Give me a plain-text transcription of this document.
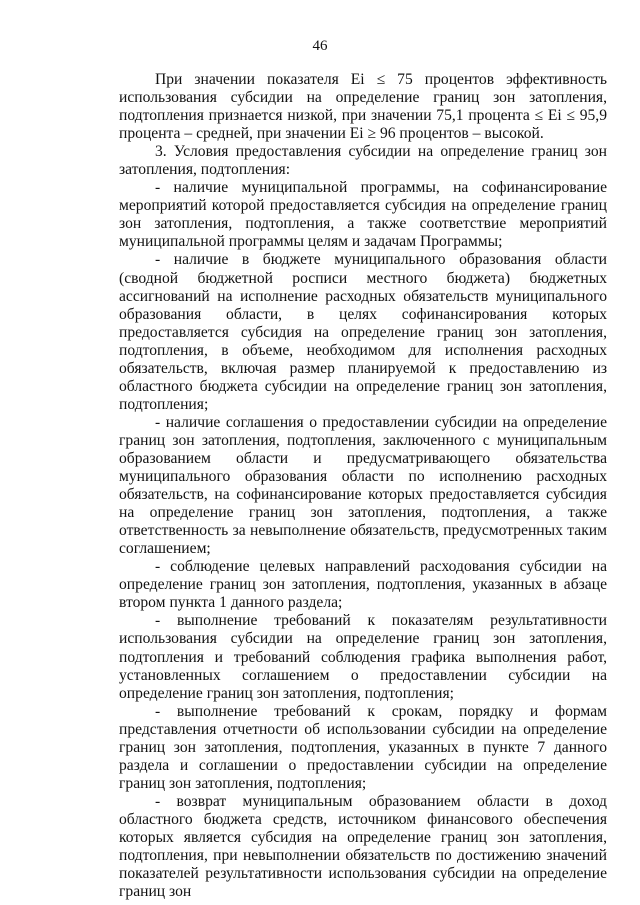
46

При значении показателя Ei ≤ 75 процентов эффективность использования субсидии на определение границ зон затопления, подтопления признается низкой, при значении 75,1 процента ≤ Ei ≤ 95,9 процента – средней, при значении Ei ≥ 96 процентов – высокой.

3. Условия предоставления субсидии на определение границ зон затопления, подтопления:

- наличие муниципальной программы, на софинансирование мероприятий которой предоставляется субсидия на определение границ зон затопления, подтопления, а также соответствие мероприятий муниципальной программы целям и задачам Программы;

- наличие в бюджете муниципального образования области (сводной бюджетной росписи местного бюджета) бюджетных ассигнований на исполнение расходных обязательств муниципального образования области, в целях софинансирования которых предоставляется субсидия на определение границ зон затопления, подтопления, в объеме, необходимом для исполнения расходных обязательств, включая размер планируемой к предоставлению из областного бюджета субсидии на определение границ зон затопления, подтопления;

- наличие соглашения о предоставлении субсидии на определение границ зон затопления, подтопления, заключенного с муниципальным образованием области и предусматривающего обязательства муниципального образования области по исполнению расходных обязательств, на софинансирование которых предоставляется субсидия на определение границ зон затопления, подтопления, а также ответственность за невыполнение обязательств, предусмотренных таким соглашением;

- соблюдение целевых направлений расходования субсидии на определение границ зон затопления, подтопления, указанных в абзаце втором пункта 1 данного раздела;

- выполнение требований к показателям результативности использования субсидии на определение границ зон затопления, подтопления и требований соблюдения графика выполнения работ, установленных соглашением о предоставлении субсидии на определение границ зон затопления, подтопления;

- выполнение требований к срокам, порядку и формам представления отчетности об использовании субсидии на определение границ зон затопления, подтопления, указанных в пункте 7 данного раздела и соглашении о предоставлении субсидии на определение границ зон затопления, подтопления;

- возврат муниципальным образованием области в доход областного бюджета средств, источником финансового обеспечения которых является субсидия на определение границ зон затопления, подтопления, при невыполнении обязательств по достижению значений показателей результативности использования субсидии на определение границ зон
